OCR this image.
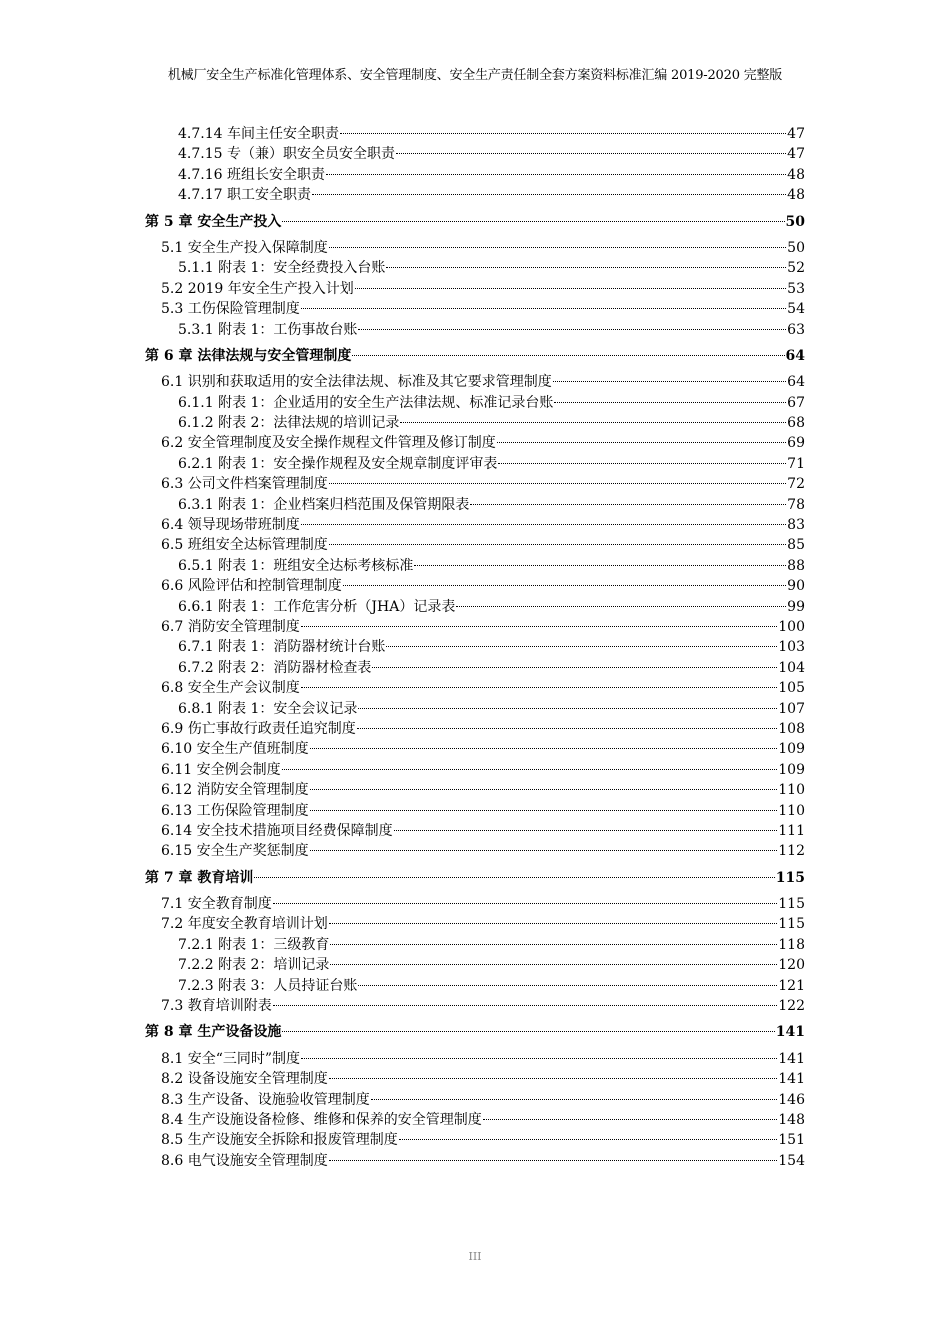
机械厂安全生产标准化管理体系、安全管理制度、安全生产责任制全套方案资料标准汇编 2019-2020 完整版
4.7.14 车间主任安全职责	47
4.7.15 专（兼）职安全员安全职责	47
4.7.16 班组长安全职责	48
4.7.17 职工安全职责	48
第 5 章 安全生产投入	50
5.1 安全生产投入保障制度	50
5.1.1 附表 1：安全经费投入台账	52
5.2 2019 年安全生产投入计划	53
5.3 工伤保险管理制度	54
5.3.1 附表 1：工伤事故台账	63
第 6 章 法律法规与安全管理制度	64
6.1 识别和获取适用的安全法律法规、标准及其它要求管理制度	64
6.1.1 附表 1：企业适用的安全生产法律法规、标准记录台账	67
6.1.2 附表 2：法律法规的培训记录	68
6.2 安全管理制度及安全操作规程文件管理及修订制度	69
6.2.1 附表 1：安全操作规程及安全规章制度评审表	71
6.3 公司文件档案管理制度	72
6.3.1 附表 1：企业档案归档范围及保管期限表	78
6.4 领导现场带班制度	83
6.5 班组安全达标管理制度	85
6.5.1 附表 1：班组安全达标考核标准	88
6.6 风险评估和控制管理制度	90
6.6.1 附表 1：工作危害分析（JHA）记录表	99
6.7 消防安全管理制度	100
6.7.1 附表 1：消防器材统计台账	103
6.7.2 附表 2：消防器材检查表	104
6.8 安全生产会议制度	105
6.8.1 附表 1：安全会议记录	107
6.9 伤亡事故行政责任追究制度	108
6.10 安全生产值班制度	109
6.11 安全例会制度	109
6.12 消防安全管理制度	110
6.13 工伤保险管理制度	110
6.14 安全技术措施项目经费保障制度	111
6.15 安全生产奖惩制度	112
第 7 章 教育培训	115
7.1 安全教育制度	115
7.2 年度安全教育培训计划	115
7.2.1 附表 1：三级教育	118
7.2.2 附表 2：培训记录	120
7.2.3 附表 3：人员持证台账	121
7.3 教育培训附表	122
第 8 章 生产设备设施	141
8.1 安全“三同时”制度	141
8.2 设备设施安全管理制度	141
8.3 生产设备、设施验收管理制度	146
8.4 生产设施设备检修、维修和保养的安全管理制度	148
8.5 生产设施安全拆除和报废管理制度	151
8.6 电气设施安全管理制度	154
III
